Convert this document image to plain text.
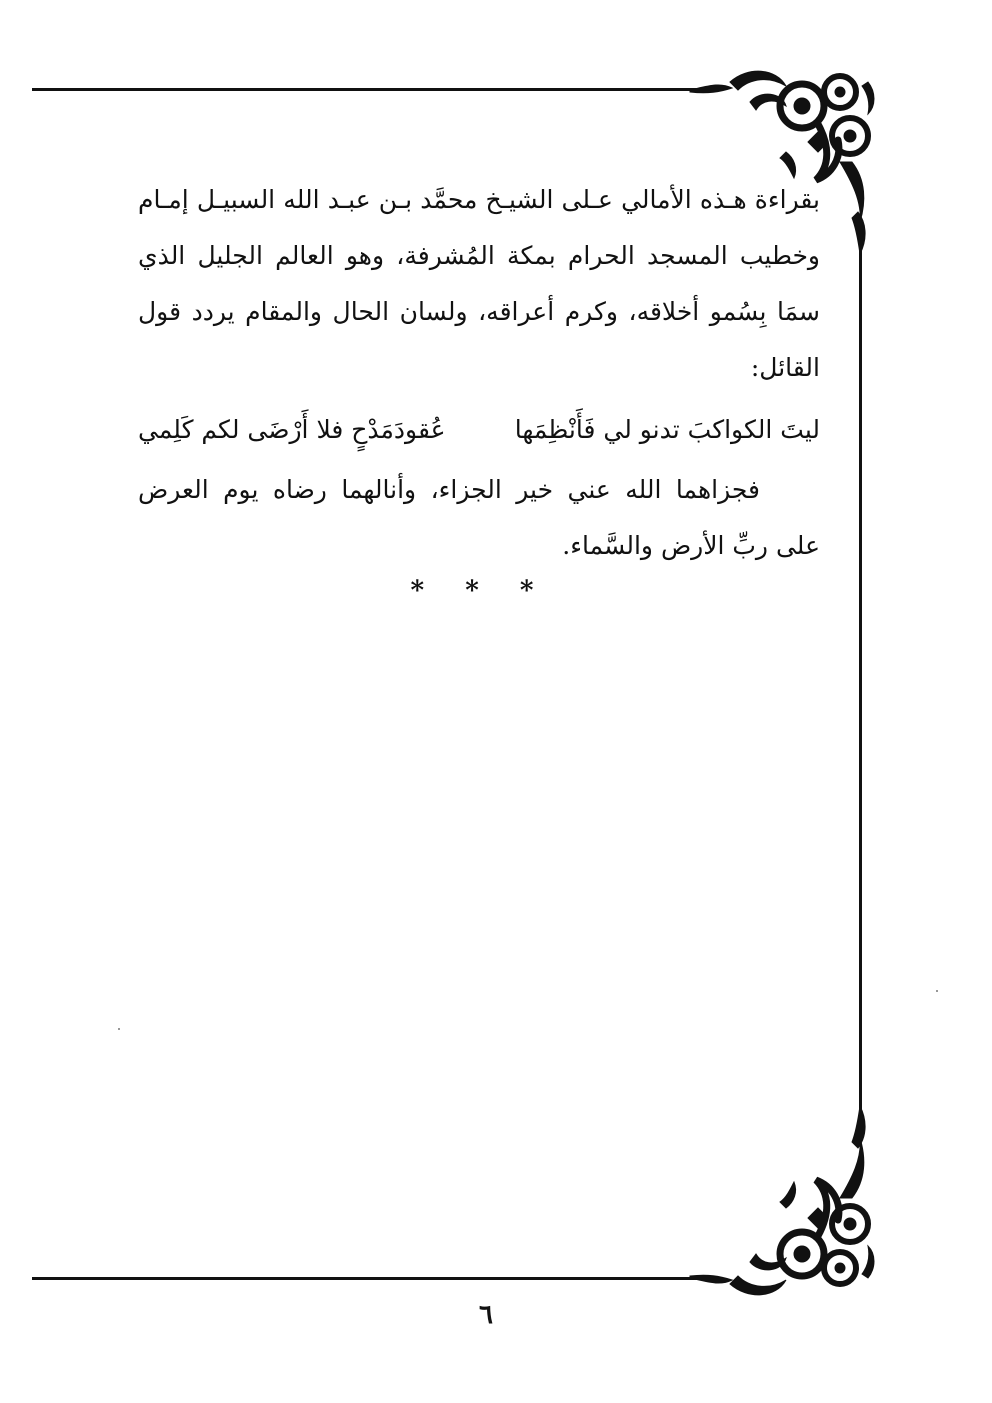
بقراءة هـذه الأمالي عـلى الشيـخ محمَّد بـن عبـد الله السبيـل إمـام وخطيب المسجد الحرام بمكة المُشرفة، وهو العالم الجليل الذي سمَا بِسُمو أخلاقه، وكرم أعراقه، ولسان الحال والمقام يردد قول القائل:

ليتَ الكواكبَ تدنو لي فَأَنْظِمَها
عُقودَمَدْحٍ فلا أَرْضَى لكم كَلِمي

فجزاهما الله عني خير الجزاء، وأنالهما رضاه يوم العرض على ربِّ الأرض والسَّماء.

* * *
٦
